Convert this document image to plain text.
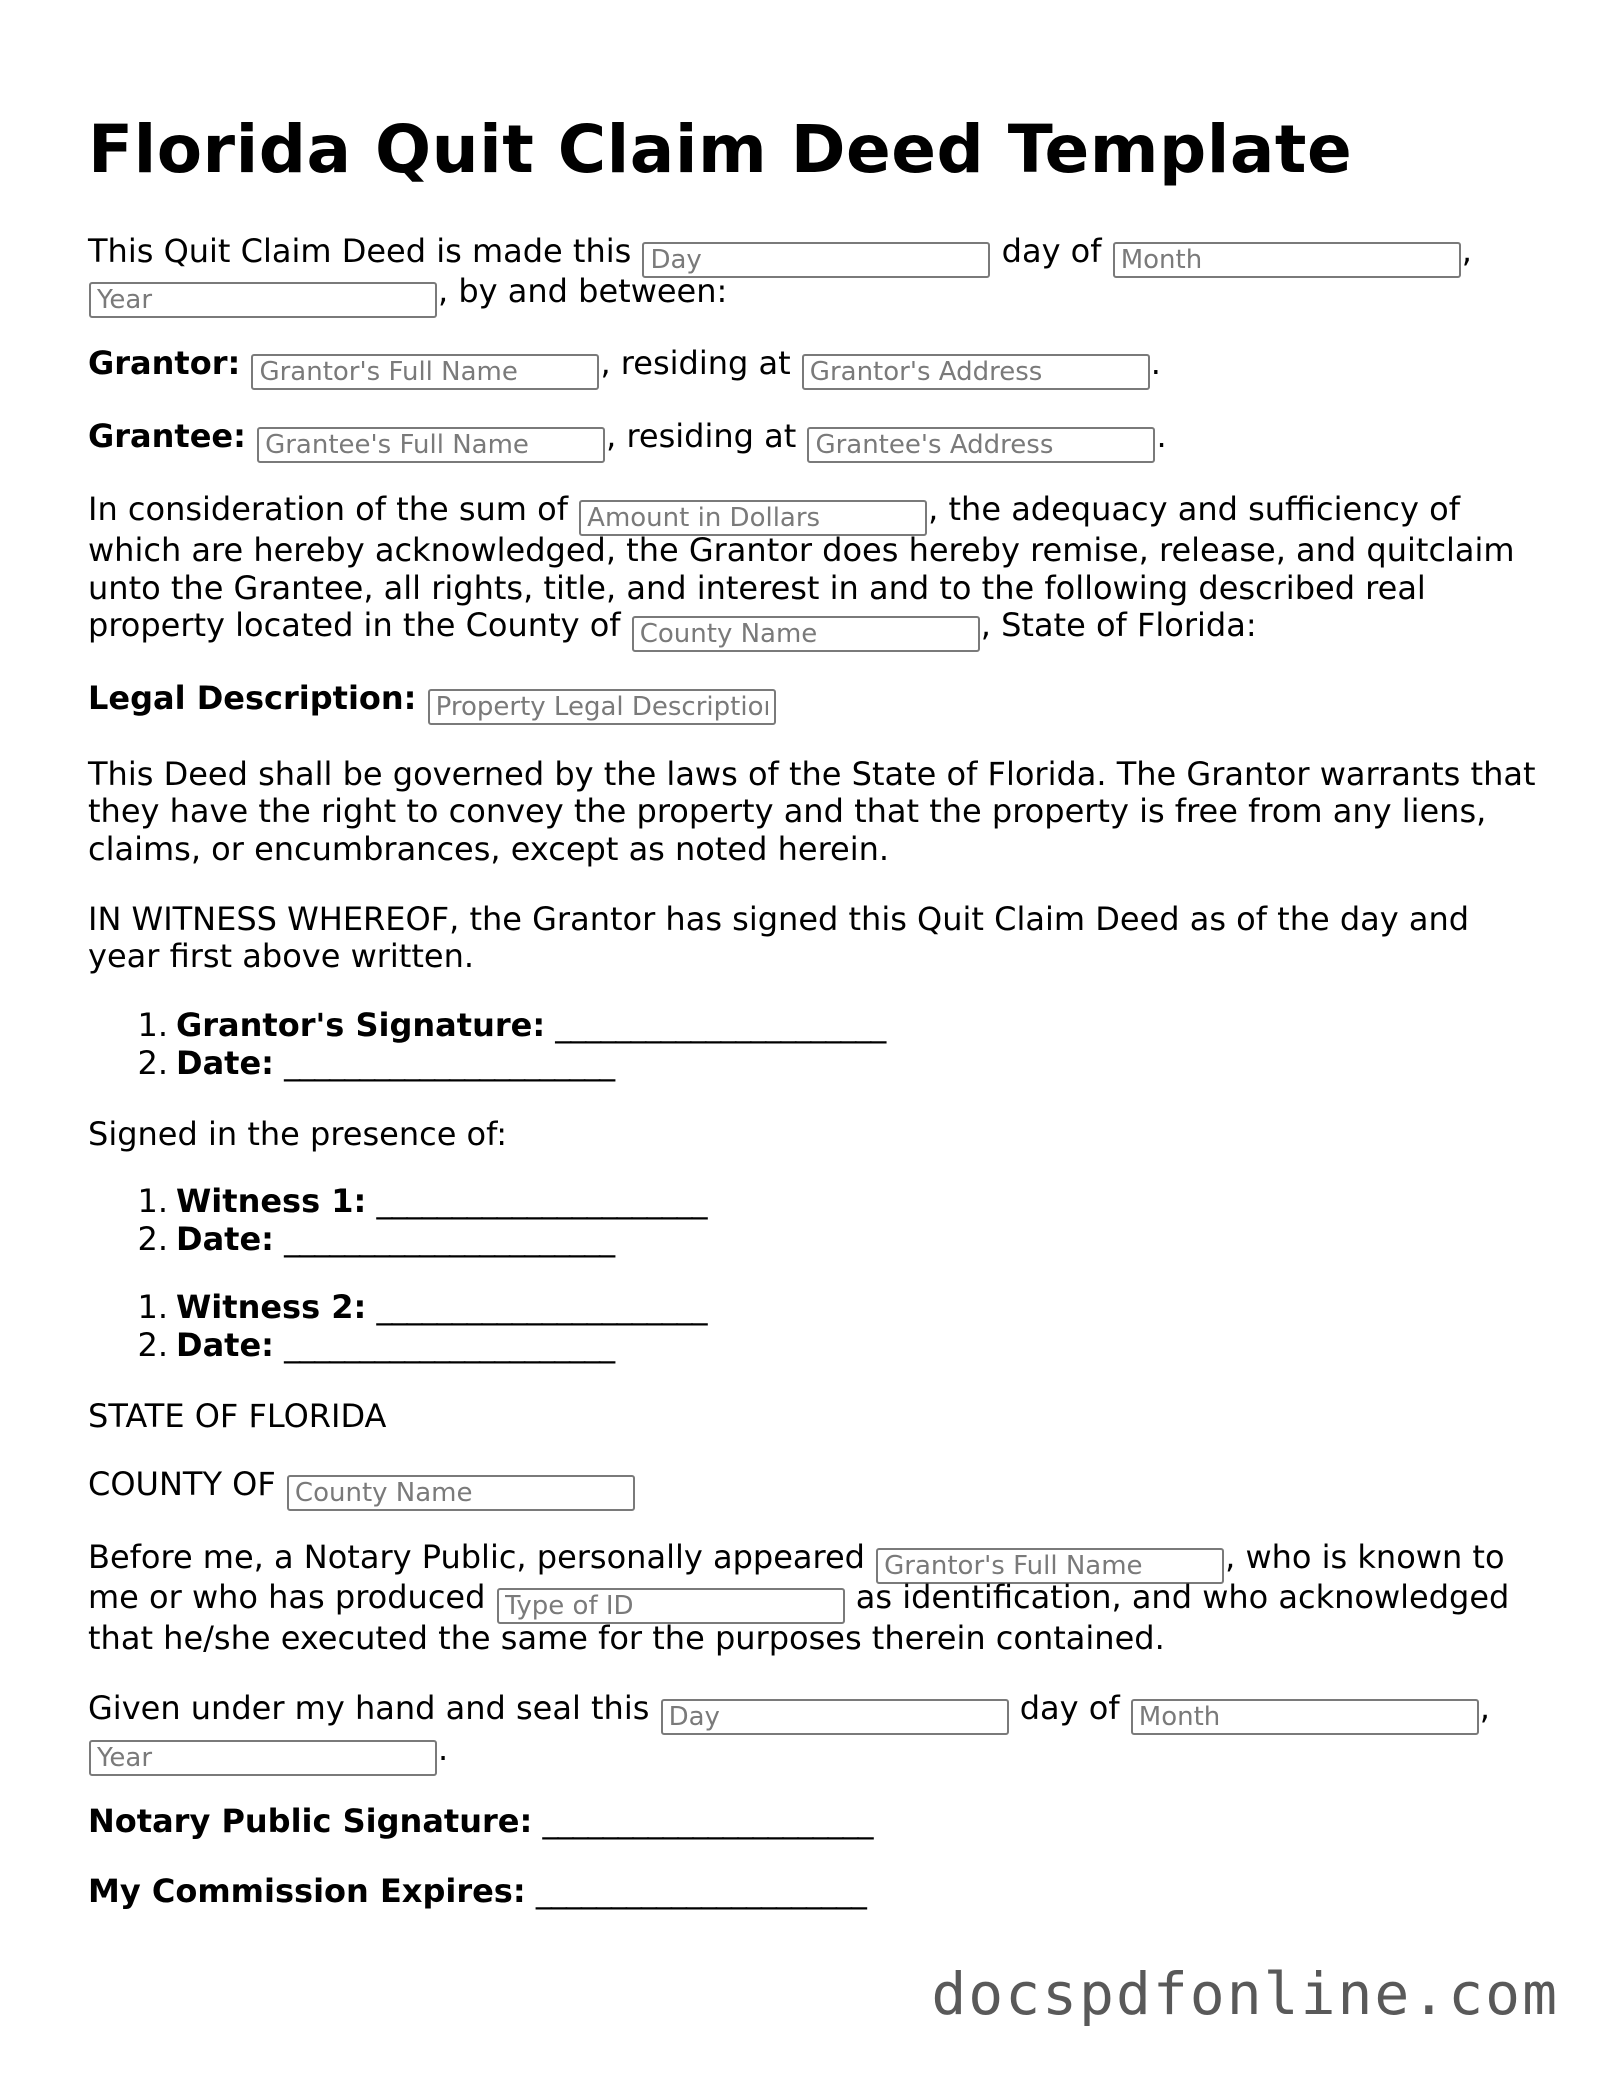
Florida Quit Claim Deed Template
This Quit Claim Deed is made this Day	day of Month	,
Year, by and between:
Grantor: Grantor's Full Name	, residing at Grantor's Address	.
Grantee: Grantee's Full Name	, residing at Grantee's Address	.
In consideration of the sum of Amount in Dollars	, the adequacy and sufficiency of
which are hereby acknowledged, the Grantor does hereby remise, release, and quitclaim
unto the Grantee, all rights, title, and interest in and to the following described real
property located in the County of County Name	, State of Florida:
Legal Description: Property Legal Description
This Deed shall be governed by the laws of the State of Florida. The Grantor warrants that
they have the right to convey the property and that the property is free from any liens,
claims, or encumbrances, except as noted herein.
IN WITNESS WHEREOF, the Grantor has signed this Quit Claim Deed as of the day and
year first above written.
1. Grantor's Signature: ______________________
2. Date: ______________________
Signed in the presence of:
1. Witness 1: ______________________
2. Date: ______________________
1. Witness 2: ______________________
2. Date: ______________________
STATE OF FLORIDA
COUNTY OF County Name
Before me, a Notary Public, personally appeared Grantor's Full Name	, who is known to
me or who has produced Type of ID	as identification, and who acknowledged
that he/she executed the same for the purposes therein contained.
Given under my hand and seal this Day	day of Month	,
Year.
Notary Public Signature: ______________________
My Commission Expires: ______________________
docspdfonline.com
